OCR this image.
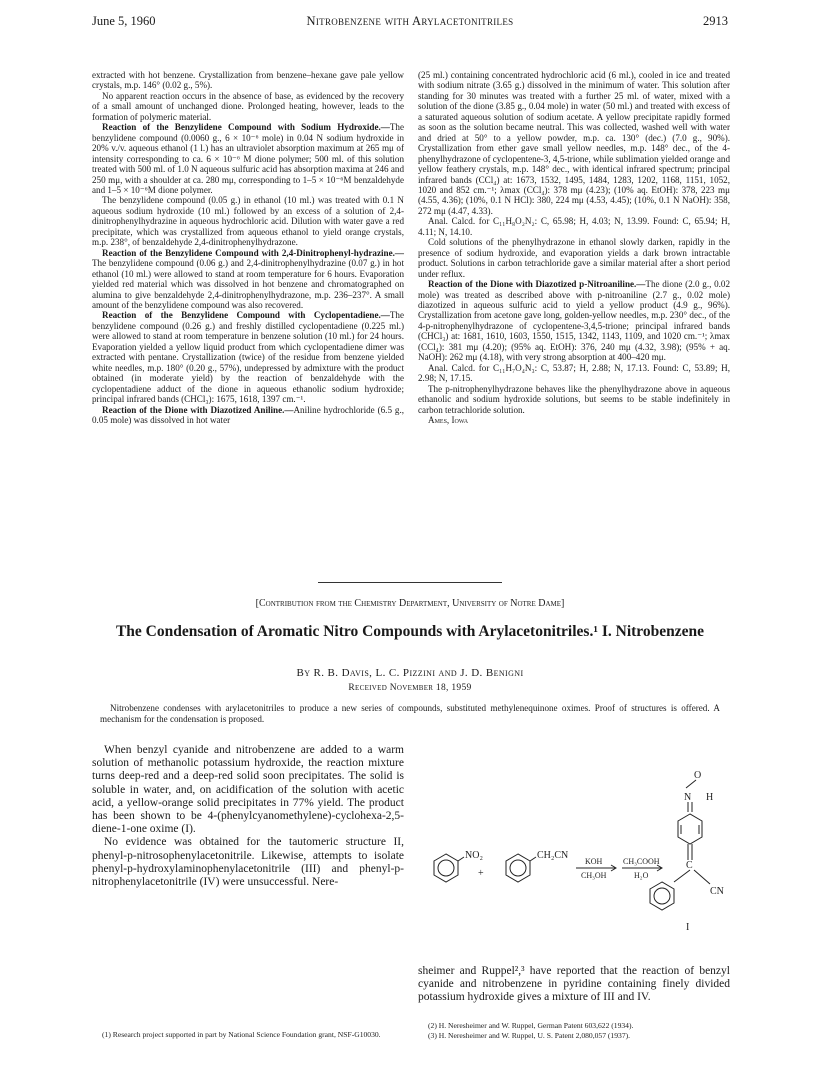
June 5, 1960	Nitrobenzene with Arylacetonitriles	2913

extracted with hot benzene. Crystallization from benzene–hexane gave pale yellow crystals, m.p. 146° (0.02 g., 5%).

No apparent reaction occurs in the absence of base, as evidenced by the recovery of a small amount of unchanged dione. Prolonged heating, however, leads to the formation of polymeric material.

Reaction of the Benzylidene Compound with Sodium Hydroxide.—The benzylidene compound (0.0060 g., 6 × 10⁻⁶ mole) in 0.04 N sodium hydroxide in 20% v./v. aqueous ethanol (1 l.) has an ultraviolet absorption maximum at 265 mμ of intensity corresponding to ca. 6 × 10⁻⁶ M dione polymer; 500 ml. of this solution treated with 500 ml. of 1.0 N aqueous sulfuric acid has absorption maxima at 246 and 250 mμ, with a shoulder at ca. 280 mμ, corresponding to 1–5 × 10⁻⁶M benzaldehyde and 1–5 × 10⁻⁶M dione polymer.

The benzylidene compound (0.05 g.) in ethanol (10 ml.) was treated with 0.1 N aqueous sodium hydroxide (10 ml.) followed by an excess of a solution of 2,4-dinitrophenylhydrazine in aqueous hydrochloric acid. Dilution with water gave a red precipitate, which was crystallized from aqueous ethanol to yield orange crystals, m.p. 238°, of benzaldehyde 2,4-dinitrophenylhydrazone.

Reaction of the Benzylidene Compound with 2,4-Dinitrophenyl-hydrazine.—The benzylidene compound (0.06 g.) and 2,4-dinitrophenylhydrazine (0.07 g.) in hot ethanol (10 ml.) were allowed to stand at room temperature for 6 hours. Evaporation yielded red material which was dissolved in hot benzene and chromatographed on alumina to give benzaldehyde 2,4-dinitrophenylhydrazone, m.p. 236–237°. A small amount of the benzylidene compound was also recovered.

Reaction of the Benzylidene Compound with Cyclopentadiene.—The benzylidene compound (0.26 g.) and freshly distilled cyclopentadiene (0.225 ml.) were allowed to stand at room temperature in benzene solution (10 ml.) for 24 hours. Evaporation yielded a yellow liquid product from which cyclopentadiene dimer was extracted with pentane. Crystallization (twice) of the residue from benzene yielded white needles, m.p. 180° (0.20 g., 57%), undepressed by admixture with the product obtained (in moderate yield) by the reaction of benzaldehyde with the cyclopentadiene adduct of the dione in aqueous ethanolic sodium hydroxide; principal infrared bands (CHCl₃): 1675, 1618, 1397 cm.⁻¹.

Reaction of the Dione with Diazotized Aniline.—Aniline hydrochloride (6.5 g., 0.05 mole) was dissolved in hot water

(25 ml.) containing concentrated hydrochloric acid (6 ml.), cooled in ice and treated with sodium nitrate (3.65 g.) dissolved in the minimum of water. This solution after standing for 30 minutes was treated with a further 25 ml. of water, mixed with a solution of the dione (3.85 g., 0.04 mole) in water (50 ml.) and treated with excess of a saturated aqueous solution of sodium acetate. A yellow precipitate rapidly formed as soon as the solution became neutral. This was collected, washed well with water and dried at 50° to a yellow powder, m.p. ca. 130° (dec.) (7.0 g., 90%). Crystallization from ether gave small yellow needles, m.p. 148° dec., of the 4-phenylhydrazone of cyclopentene-3, 4,5-trione, while sublimation yielded orange and yellow feathery crystals, m.p. 148° dec., with identical infrared spectrum; principal infrared bands (CCl₄) at: 1673, 1532, 1495, 1484, 1283, 1202, 1168, 1151, 1052, 1020 and 852 cm.⁻¹; λmax (CCl₄): 378 mμ (4.23); (10% aq. EtOH): 378, 223 mμ (4.55, 4.36); (10%, 0.1 N HCl): 380, 224 mμ (4.53, 4.45); (10%, 0.1 N NaOH): 358, 272 mμ (4.47, 4.33).

Anal. Calcd. for C₁₁H₈O₂N₂: C, 65.98; H, 4.03; N, 13.99. Found: C, 65.94; H, 4.11; N, 14.10.

Cold solutions of the phenylhydrazone in ethanol slowly darken, rapidly in the presence of sodium hydroxide, and evaporation yields a dark brown intractable product. Solutions in carbon tetrachloride gave a similar material after a short period under reflux.

Reaction of the Dione with Diazotized p-Nitroaniline.—The dione (2.0 g., 0.02 mole) was treated as described above with p-nitroaniline (2.7 g., 0.02 mole) diazotized in aqueous sulfuric acid to yield a yellow product (4.9 g., 96%). Crystallization from acetone gave long, golden-yellow needles, m.p. 230° dec., of the 4-p-nitrophenylhydrazone of cyclopentene-3,4,5-trione; principal infrared bands (CHCl₃) at: 1681, 1610, 1603, 1550, 1515, 1342, 1143, 1109, and 1020 cm.⁻¹; λmax (CCl₄): 381 mμ (4.20); (95% aq. EtOH): 376, 240 mμ (4.32, 3.98); (95% + aq. NaOH): 262 mμ (4.18), with very strong absorption at 400–420 mμ.

Anal. Calcd. for C₁₁H₇O₄N₃: C, 53.87; H, 2.88; N, 17.13. Found: C, 53.89; H, 2.98; N, 17.15.

The p-nitrophenylhydrazone behaves like the phenylhydrazone above in aqueous ethanolic and sodium hydroxide solutions, but seems to be stable indefinitely in carbon tetrachloride solution.

Ames, Iowa

[Contribution from the Chemistry Department, University of Notre Dame]
The Condensation of Aromatic Nitro Compounds with Arylacetonitriles.¹ I. Nitrobenzene
By R. B. Davis, L. C. Pizzini and J. D. Benigni
Received November 18, 1959
Nitrobenzene condenses with arylacetonitriles to produce a new series of compounds, substituted methylenequinone oximes. Proof of structures is offered. A mechanism for the condensation is proposed.

When benzyl cyanide and nitrobenzene are added to a warm solution of methanolic potassium hydroxide, the reaction mixture turns deep-red and a deep-red solid soon precipitates. The solid is soluble in water, and, on acidification of the solution with acetic acid, a yellow-orange solid precipitates in 77% yield. The product has been shown to be 4-(phenylcyanomethylene)-cyclohexa-2,5-diene-1-one oxime (I).

No evidence was obtained for the tautomeric structure II, phenyl-p-nitrosophenylacetonitrile. Likewise, attempts to isolate phenyl-p-hydroxylaminophenylacetonitrile (III) and phenyl-p-nitrophenylacetonitrile (IV) were unsuccessful. Nere-

(1) Research project supported in part by National Science Foundation grant, NSF-G10030.
NO₂
+
CH₂CN
KOH
CH₃OH
CH₃COOH
H₂O
O
N H
C
CN
I
sheimer and Ruppel²,³ have reported that the reaction of benzyl cyanide and nitrobenzene in pyridine containing finely divided potassium hydroxide gives a mixture of III and IV.

(2) H. Neresheimer and W. Ruppel, German Patent 603,622 (1934).

(3) H. Neresheimer and W. Ruppel, U. S. Patent 2,080,057 (1937).
